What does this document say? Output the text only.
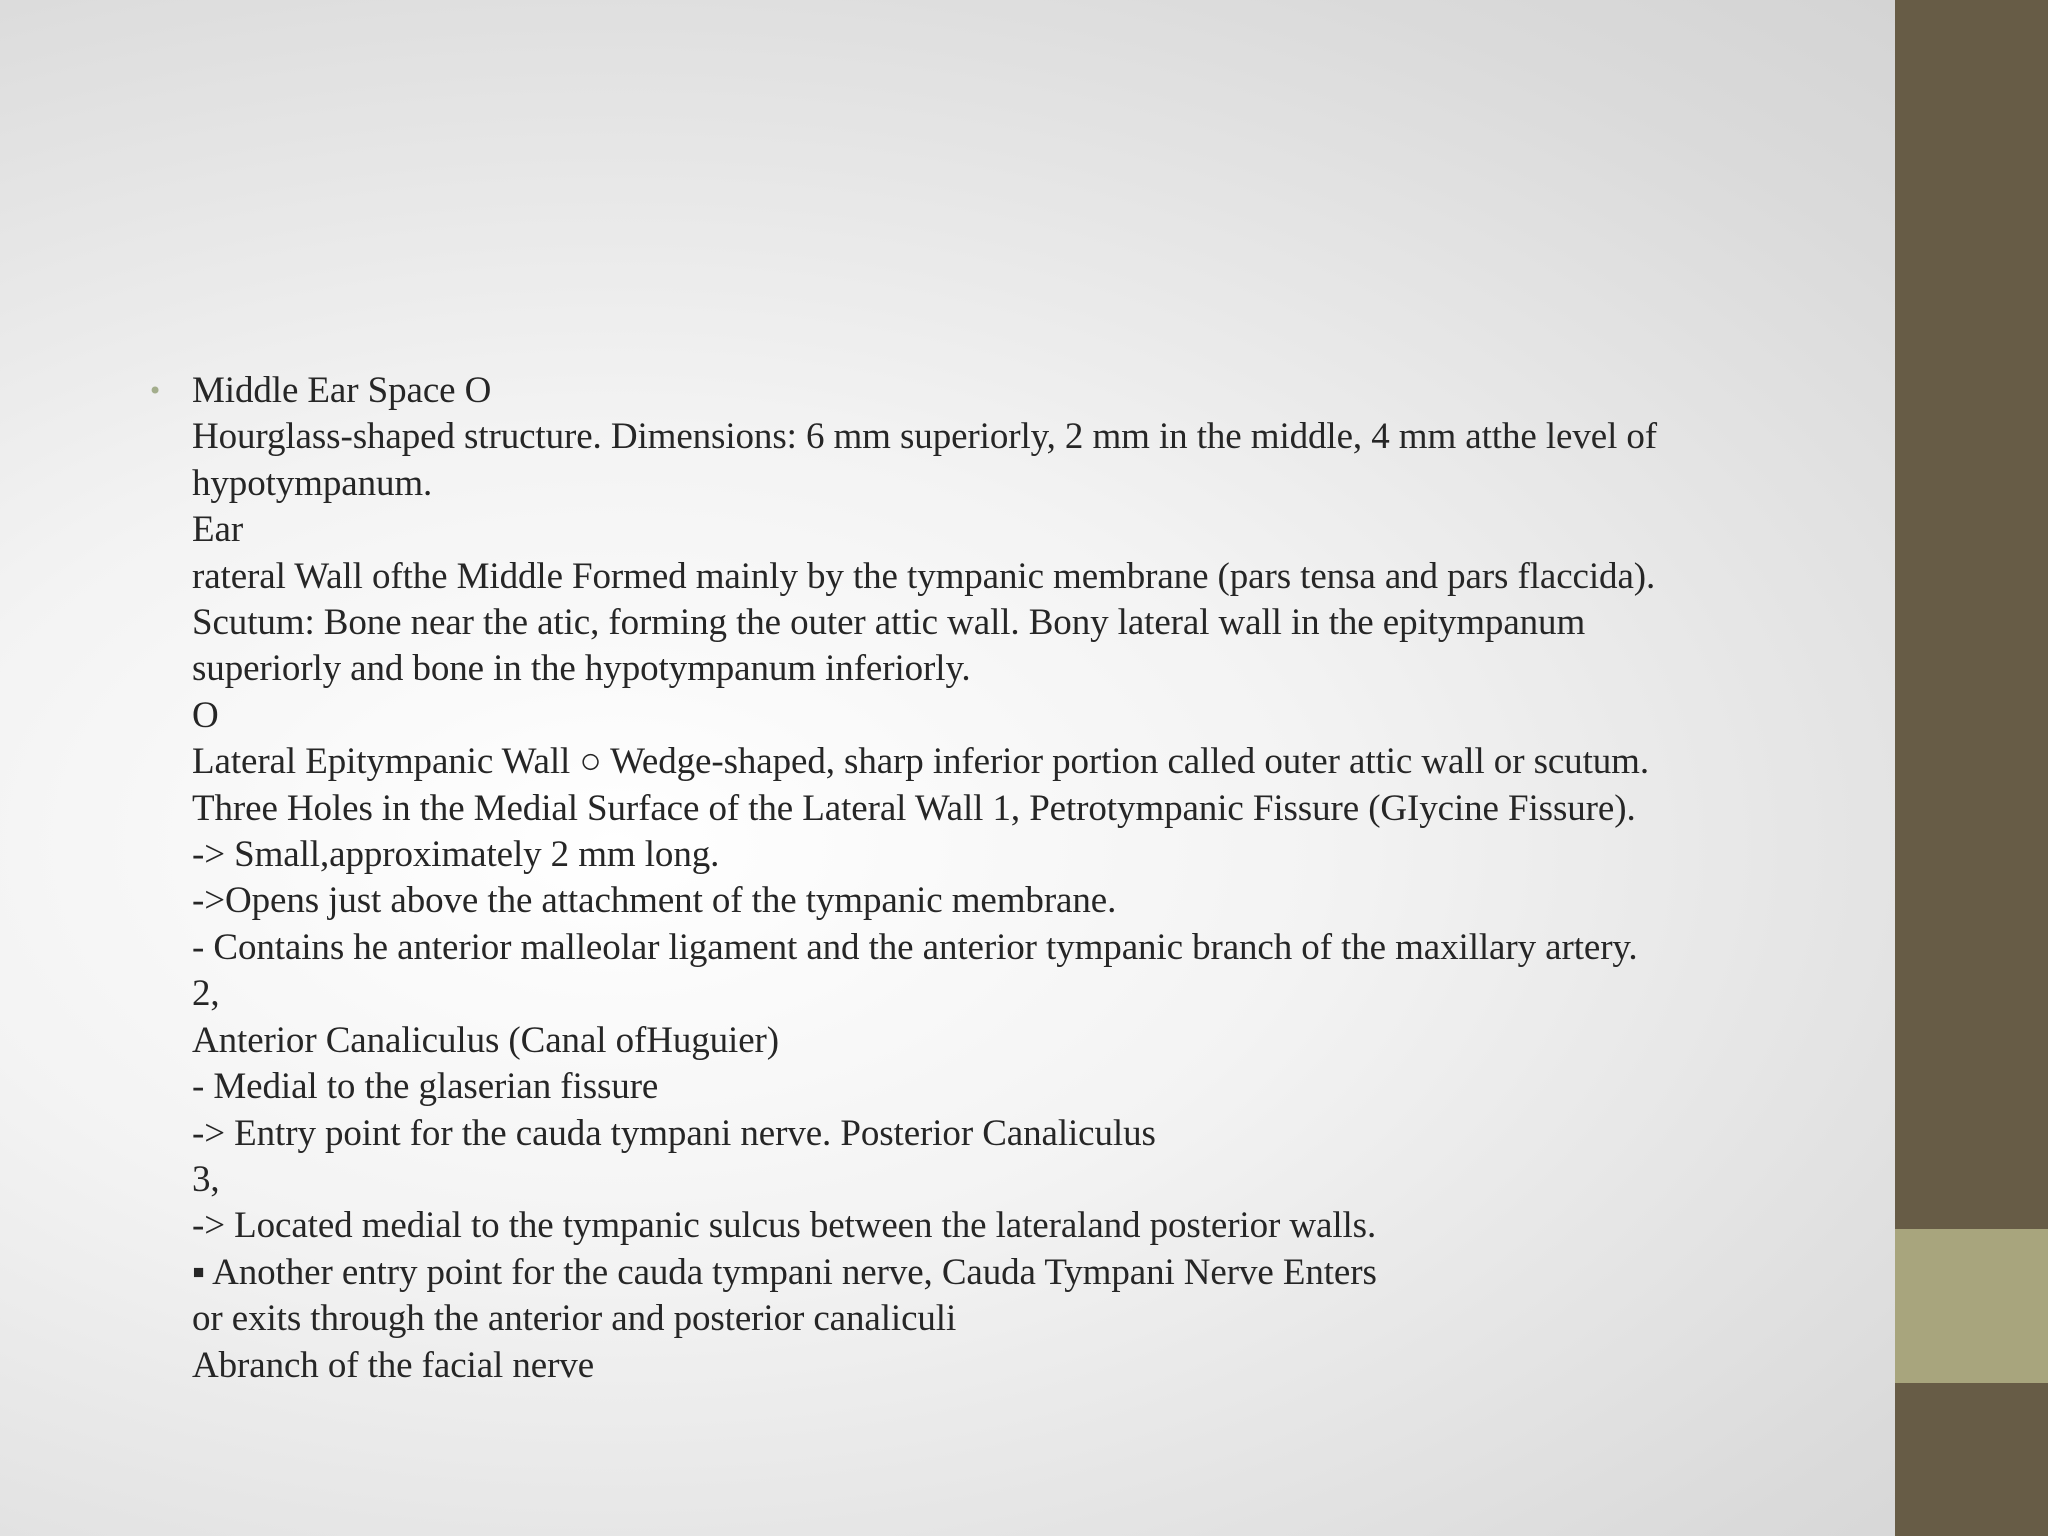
• Middle Ear Space O
Hourglass-shaped structure. Dimensions: 6 mm superiorly, 2 mm in the middle, 4 mm atthe level of
hypotympanum.
Ear
rateral Wall ofthe Middle Formed mainly by the tympanic membrane (pars tensa and pars flaccida).
Scutum: Bone near the atic, forming the outer attic wall. Bony lateral wall in the epitympanum
superiorly and bone in the hypotympanum inferiorly.
O
Lateral Epitympanic Wall ○ Wedge-shaped, sharp inferior portion called outer attic wall or scutum.
Three Holes in the Medial Surface of the Lateral Wall 1, Petrotympanic Fissure (GIycine Fissure).
-> Small,approximately 2 mm long.
->Opens just above the attachment of the tympanic membrane.
- Contains he anterior malleolar ligament and the anterior tympanic branch of the maxillary artery.
2,
Anterior Canaliculus (Canal ofHuguier)
- Medial to the glaserian fissure
-> Entry point for the cauda tympani nerve. Posterior Canaliculus
3,
-> Located medial to the tympanic sulcus between the lateraland posterior walls.
▪ Another entry point for the cauda tympani nerve, Cauda Tympani Nerve Enters
or exits through the anterior and posterior canaliculi
Abranch of the facial nerve
